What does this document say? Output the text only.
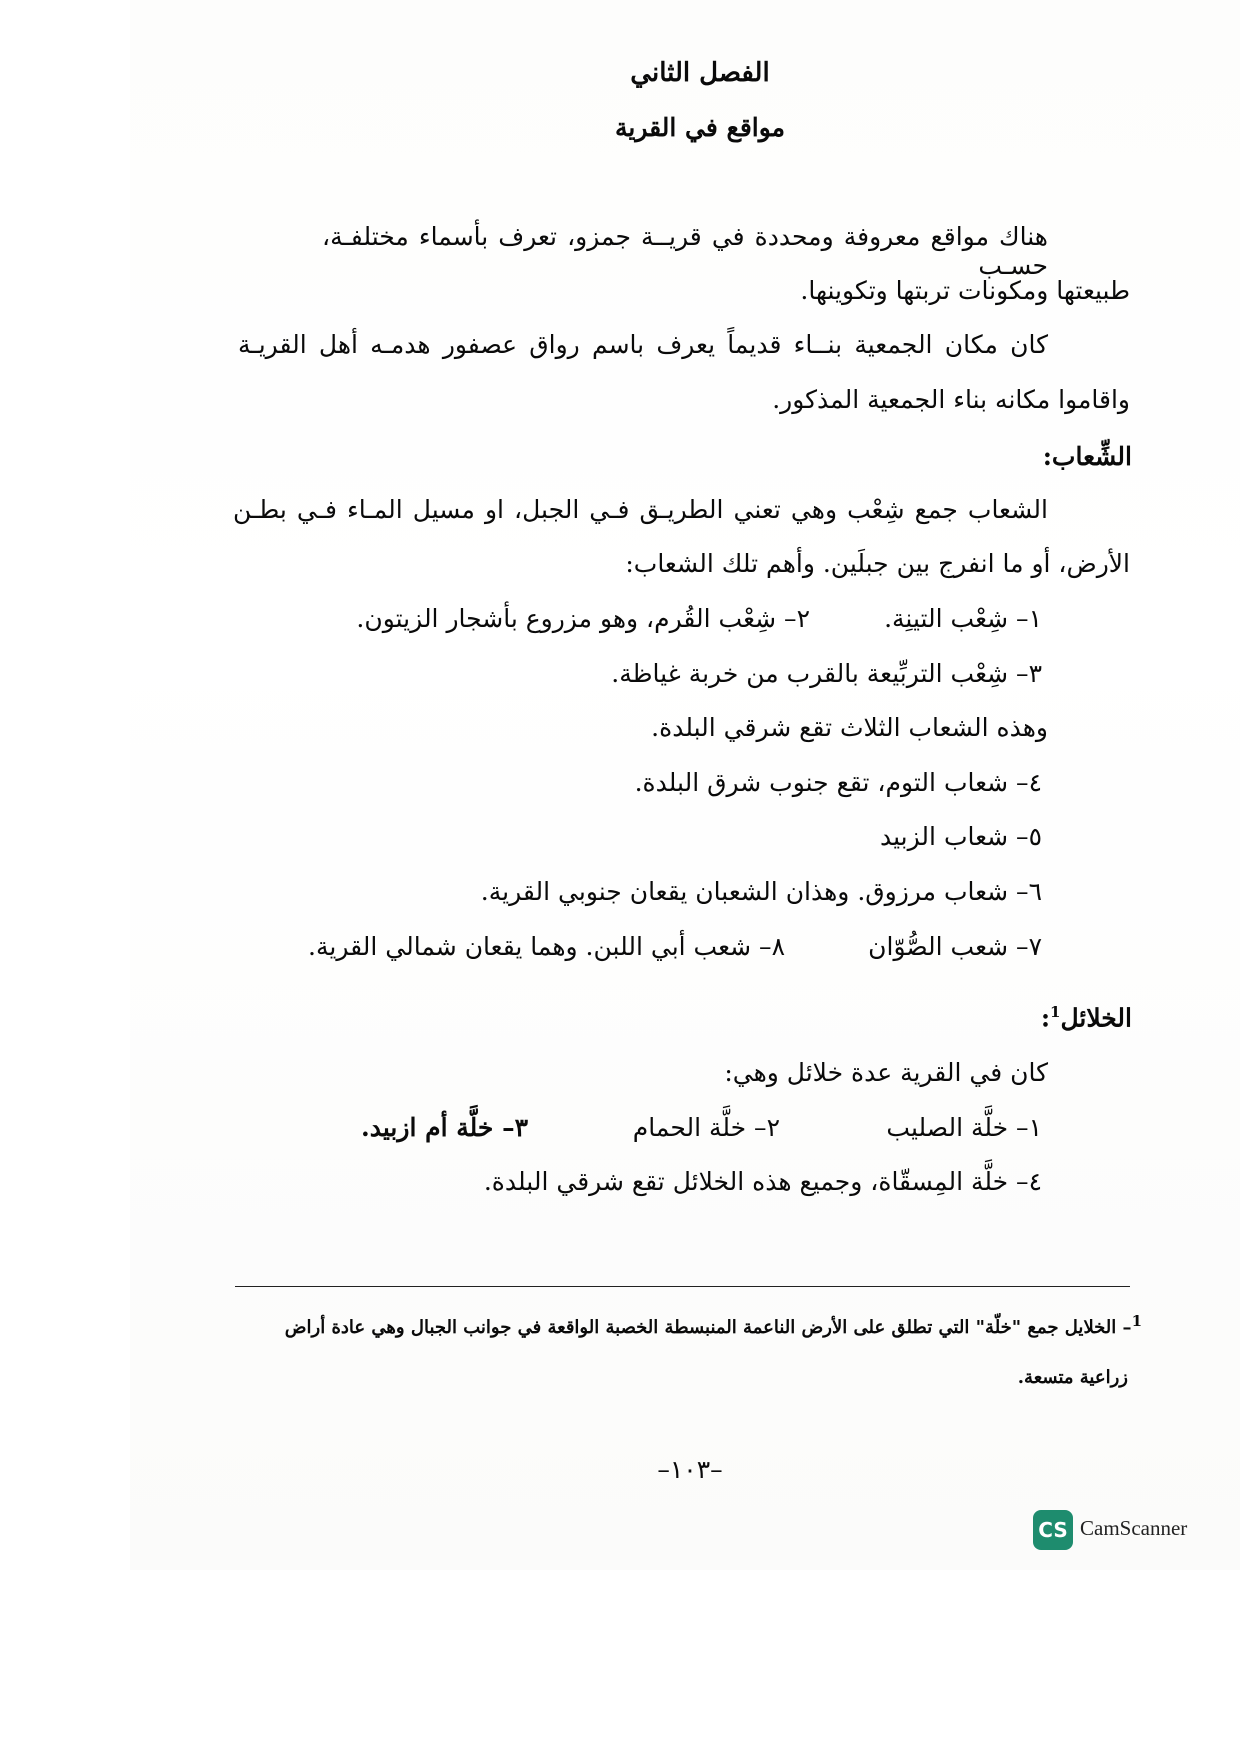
الفصل الثاني
مواقع في القرية
هناك مواقع معروفة ومحددة في قريــة جمزو، تعرف بأسماء مختلفـة، حسـب
طبيعتها ومكونات تربتها وتكوينها.
كان مكان الجمعية بنــاء قديماً يعرف باسم رواق عصفور هدمـه أهل القريـة
واقاموا مكانه بناء الجمعية المذكور.
الشِّعاب:
الشعاب جمع شِعْب وهي تعني الطريـق فـي الجبل، او مسيل المـاء فـي بطـن
الأرض، أو ما انفرج بين جبلَين. وأهم تلك الشعاب:
١– شِعْب التينِة.
٢– شِعْب القُرم، وهو مزروع بأشجار الزيتون.
٣– شِعْب التربِّيعة بالقرب من خربة غياظة.
وهذه الشعاب الثلاث تقع شرقي البلدة.
٤– شعاب التوم، تقع جنوب شرق البلدة.
٥– شعاب الزبيد
٦– شعاب مرزوق. وهذان الشعبان يقعان جنوبي القرية.
٧– شعب الصُّوّان
٨– شعب أبي اللبن. وهما يقعان شمالي القرية.
الخلائل$^1$:
كان في القرية عدة خلائل وهي:
١– خلَّة الصليب
٢– خلَّة الحمام
٣– خلَّة أم ازبيد.
٤– خلَّة المِسقّاة، وجميع هذه الخلائل تقع شرقي البلدة.
$^1$– الخلايل جمع "خلّة" التي تطلق على الأرض الناعمة المنبسطة الخصبة الواقعة في جوانب الجبال وهي عادة أراض
زراعية متسعة.
–١٠٣–
CS CamScanner
